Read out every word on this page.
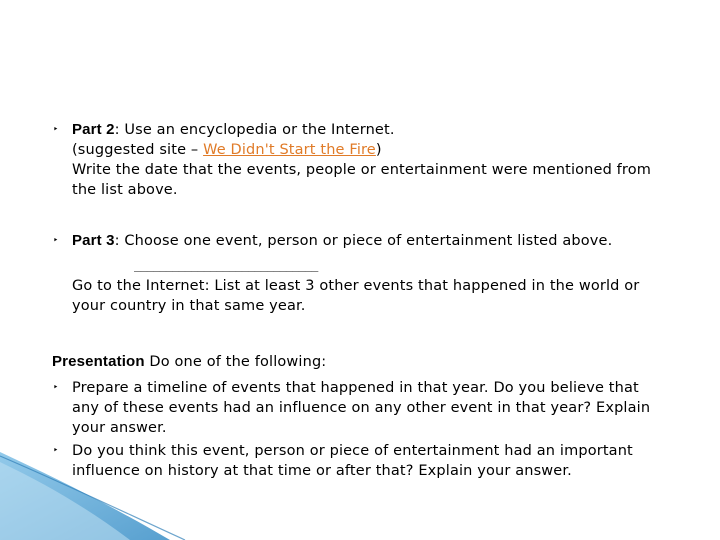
‣ Part 2: Use an encyclopedia or the Internet.
(suggested site – We Didn't Start the Fire)
Write the date that the events, people or entertainment were mentioned from
the list above.
‣ Part 3: Choose one event, person or piece of entertainment listed above.
_____________________________
Go to the Internet: List at least 3 other events that happened in the world or
your country in that same year.
Presentation Do one of the following:
‣ Prepare a timeline of events that happened in that year. Do you believe that
any of these events had an influence on any other event in that year? Explain
your answer.
‣ Do you think this event, person or piece of entertainment had an important
influence on history at that time or after that? Explain your answer.
